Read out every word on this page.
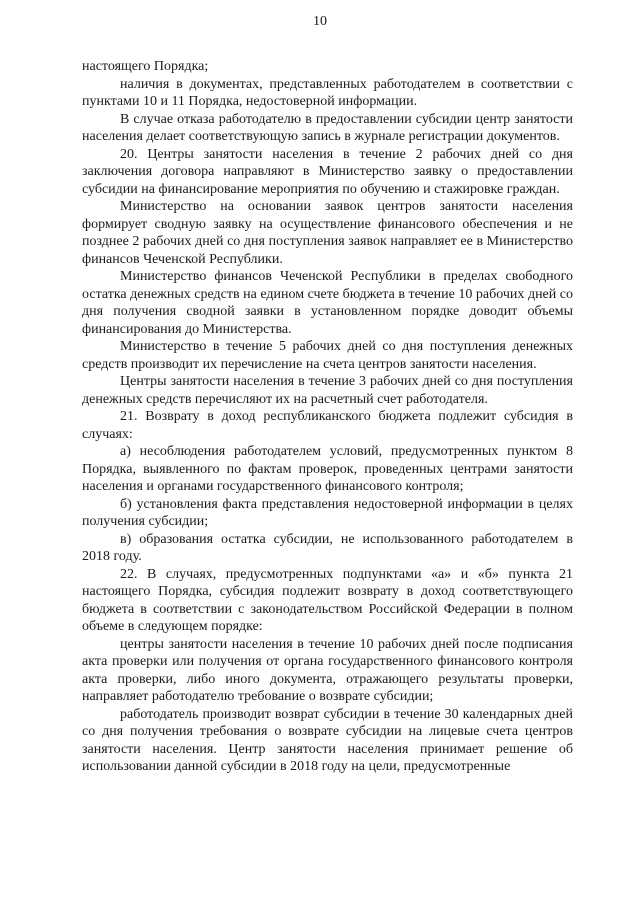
10

настоящего Порядка;

наличия в документах, представленных работодателем в соответствии с пунктами 10 и 11 Порядка, недостоверной информации.

В случае отказа работодателю в предоставлении субсидии центр занятости населения делает соответствующую запись в журнале регистрации документов.

20. Центры занятости населения в течение 2 рабочих дней со дня заключения договора направляют в Министерство заявку о предоставлении субсидии на финансирование мероприятия по обучению и стажировке граждан.

Министерство на основании заявок центров занятости населения формирует сводную заявку на осуществление финансового обеспечения и не позднее 2 рабочих дней со дня поступления заявок направляет ее в Министерство финансов Чеченской Республики.

Министерство финансов Чеченской Республики в пределах свободного остатка денежных средств на едином счете бюджета в течение 10 рабочих дней со дня получения сводной заявки в установленном порядке доводит объемы финансирования до Министерства.

Министерство в течение 5 рабочих дней со дня поступления денежных средств производит их перечисление на счета центров занятости населения.

Центры занятости населения в течение 3 рабочих дней со дня поступления денежных средств перечисляют их на расчетный счет работодателя.

21. Возврату в доход республиканского бюджета подлежит субсидия в случаях:

а) несоблюдения работодателем условий, предусмотренных пунктом 8 Порядка, выявленного по фактам проверок, проведенных центрами занятости населения и органами государственного финансового контроля;

б) установления факта представления недостоверной информации в целях получения субсидии;

в) образования остатка субсидии, не использованного работодателем в 2018 году.

22. В случаях, предусмотренных подпунктами «а» и «б» пункта 21 настоящего Порядка, субсидия подлежит возврату в доход соответствующего бюджета в соответствии с законодательством Российской Федерации в полном объеме в следующем порядке:

центры занятости населения в течение 10 рабочих дней после подписания акта проверки или получения от органа государственного финансового контроля акта проверки, либо иного документа, отражающего результаты проверки, направляет работодателю требование о возврате субсидии;

работодатель производит возврат субсидии в течение 30 календарных дней со дня получения требования о возврате субсидии на лицевые счета центров занятости населения. Центр занятости населения принимает решение об использовании данной субсидии в 2018 году на цели, предусмотренные
